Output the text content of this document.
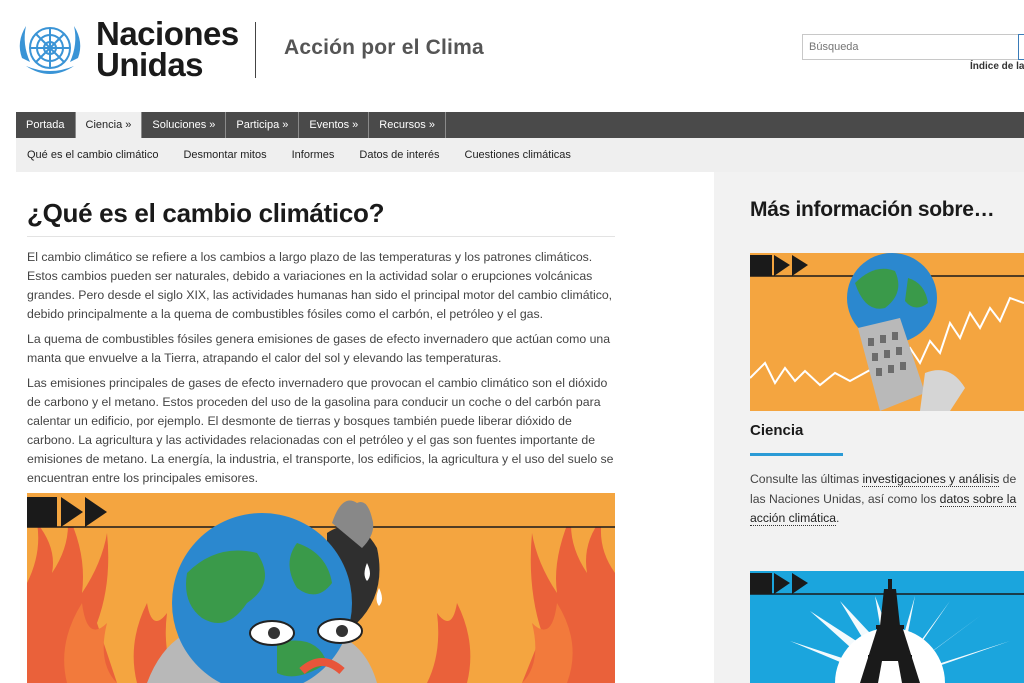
Naciones
Unidas	Acción por el Clima
Búsqueda
Índice de la
Portada	Ciencia »	Soluciones »	Participa »	Eventos »	Recursos »
Qué es el cambio climático Desmontar mitos Informes Datos de interés Cuestiones climáticas
¿Qué es el cambio climático?

El cambio climático se refiere a los cambios a largo plazo de las temperaturas y los patrones climáticos. Estos cambios pueden ser naturales, debido a variaciones en la actividad solar o erupciones volcánicas grandes. Pero desde el siglo XIX, las actividades humanas han sido el principal motor del cambio climático, debido principalmente a la quema de combustibles fósiles como el carbón, el petróleo y el gas.

La quema de combustibles fósiles genera emisiones de gases de efecto invernadero que actúan como una manta que envuelve a la Tierra, atrapando el calor del sol y elevando las temperaturas.

Las emisiones principales de gases de efecto invernadero que provocan el cambio climático son el dióxido de carbono y el metano. Estos proceden del uso de la gasolina para conducir un coche o del carbón para calentar un edificio, por ejemplo. El desmonte de tierras y bosques también puede liberar dióxido de carbono. La agricultura y las actividades relacionadas con el petróleo y el gas son fuentes importante de emisiones de metano. La energía, la industria, el transporte, los edificios, la agricultura y el uso del suelo se encuentran entre los principales emisores.

Más información sobre…
Ciencia
Consulte las últimas investigaciones y análisis de las Naciones Unidas, así como los datos sobre la acción climática.
